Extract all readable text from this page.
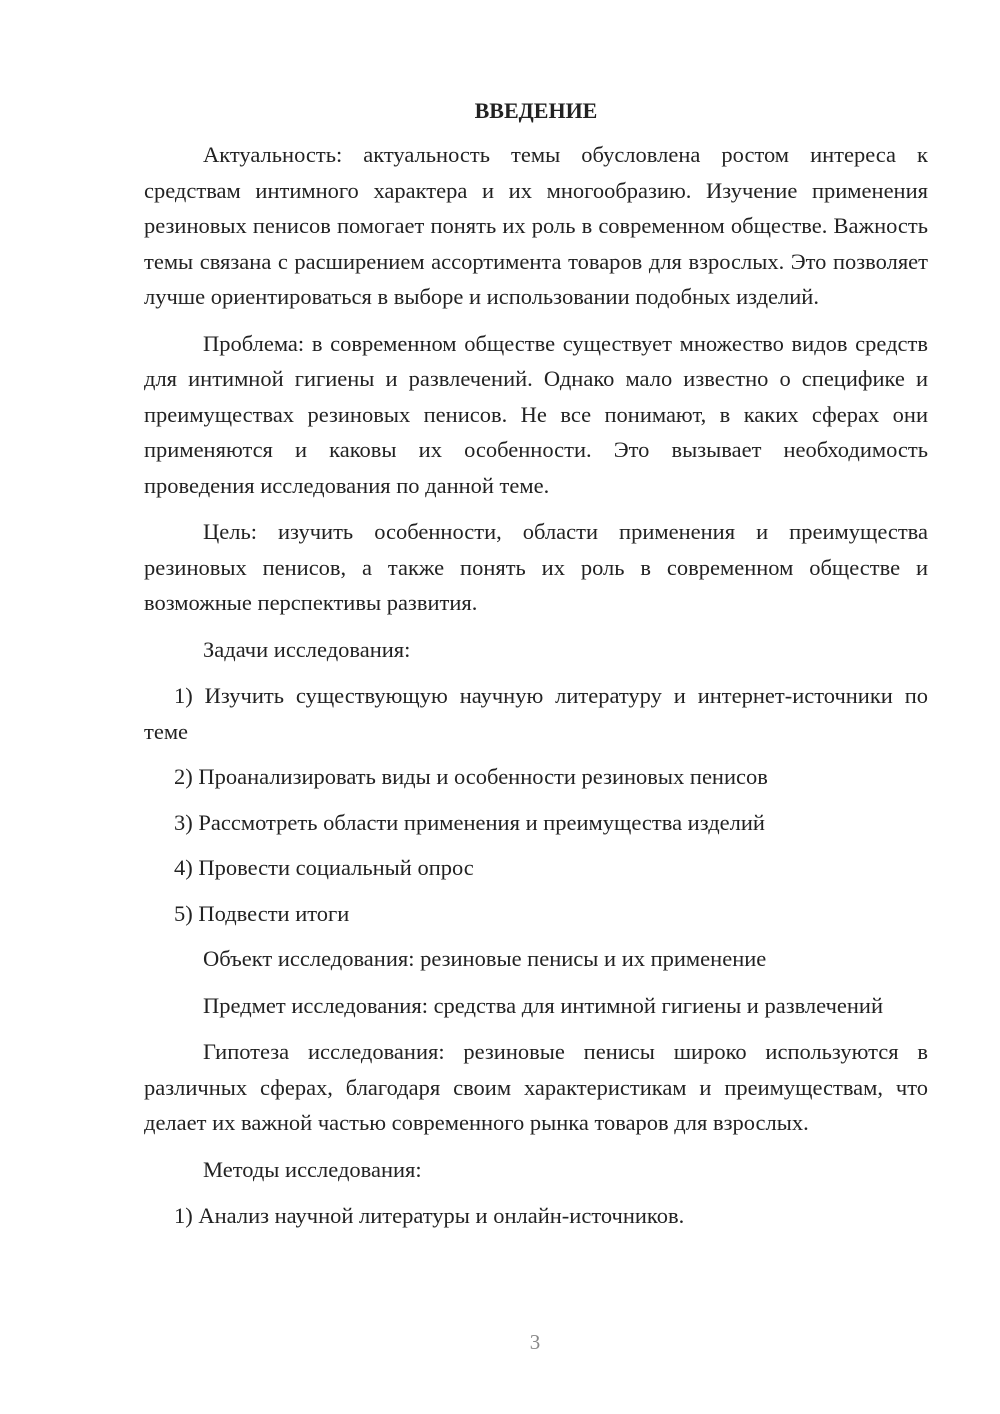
ВВЕДЕНИЕ

Актуальность: актуальность темы обусловлена ростом интереса к средствам интимного характера и их многообразию. Изучение применения резиновых пенисов помогает понять их роль в современном обществе. Важность темы связана с расширением ассортимента товаров для взрослых. Это позволяет лучше ориентироваться в выборе и использовании подобных изделий.

Проблема: в современном обществе существует множество видов средств для интимной гигиены и развлечений. Однако мало известно о специфике и преимуществах резиновых пенисов. Не все понимают, в каких сферах они применяются и каковы их особенности. Это вызывает необходимость проведения исследования по данной теме.

Цель: изучить особенности, области применения и преимущества резиновых пенисов, а также понять их роль в современном обществе и возможные перспективы развития.

Задачи исследования:

1) Изучить существующую научную литературу и интернет-источники по теме

2) Проанализировать виды и особенности резиновых пенисов

3) Рассмотреть области применения и преимущества изделий

4) Провести социальный опрос

5) Подвести итоги

Объект исследования: резиновые пенисы и их применение

Предмет исследования: средства для интимной гигиены и развлечений

Гипотеза исследования: резиновые пенисы широко используются в различных сферах, благодаря своим характеристикам и преимуществам, что делает их важной частью современного рынка товаров для взрослых.

Методы исследования:

1) Анализ научной литературы и онлайн-источников.

3
